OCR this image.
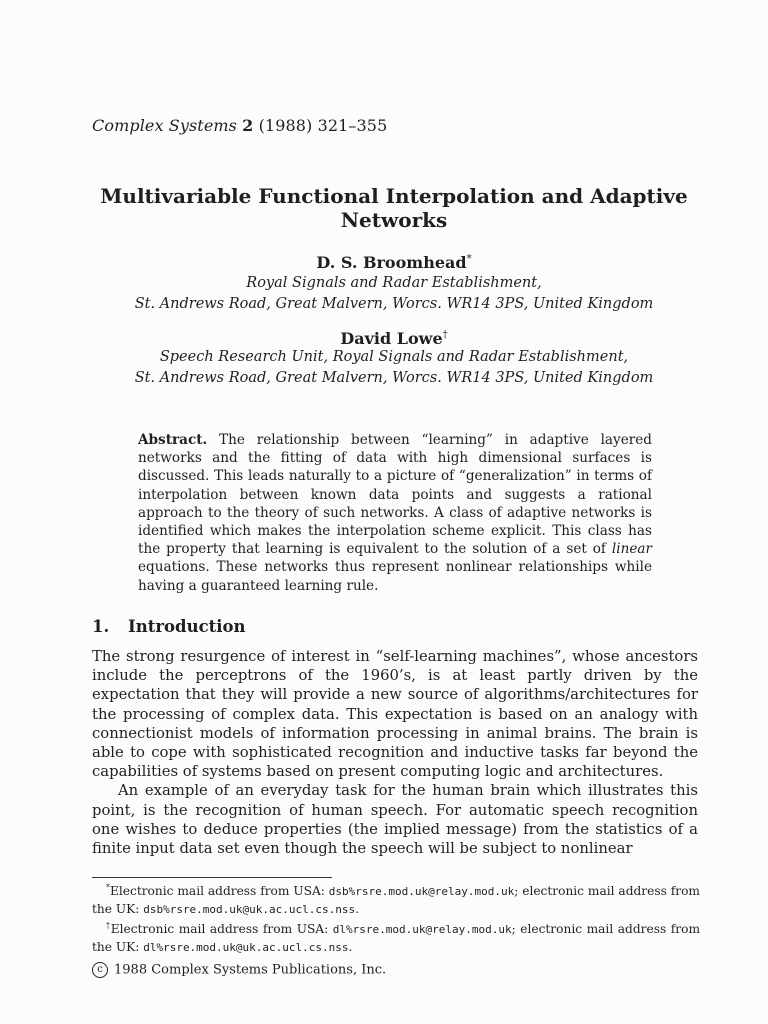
Complex Systems 2 (1988) 321–355
Multivariable Functional Interpolation and Adaptive
Networks
D. S. Broomhead*
Royal Signals and Radar Establishment,
St. Andrews Road, Great Malvern, Worcs. WR14 3PS, United Kingdom
David Lowe†
Speech Research Unit, Royal Signals and Radar Establishment,
St. Andrews Road, Great Malvern, Worcs. WR14 3PS, United Kingdom
Abstract. The relationship between “learning” in adaptive layered networks and the fitting of data with high dimensional surfaces is discussed. This leads naturally to a picture of “generalization” in terms of interpolation between known data points and suggests a rational approach to the theory of such networks. A class of adaptive networks is identified which makes the interpolation scheme explicit. This class has the property that learning is equivalent to the solution of a set of linear equations. These networks thus represent nonlinear relationships while having a guaranteed learning rule.
1. Introduction

The strong resurgence of interest in “self-learning machines”, whose ancestors include the perceptrons of the 1960’s, is at least partly driven by the expectation that they will provide a new source of algorithms/architectures for the processing of complex data. This expectation is based on an analogy with connectionist models of information processing in animal brains. The brain is able to cope with sophisticated recognition and inductive tasks far beyond the capabilities of systems based on present computing logic and architectures.

An example of an everyday task for the human brain which illustrates this point, is the recognition of human speech. For automatic speech recognition one wishes to deduce properties (the implied message) from the statistics of a finite input data set even though the speech will be subject to nonlinear

*Electronic mail address from USA: dsb%rsre.mod.uk@relay.mod.uk; electronic mail address from the UK: dsb%rsre.mod.uk@uk.ac.ucl.cs.nss.

†Electronic mail address from USA: dl%rsre.mod.uk@relay.mod.uk; electronic mail address from the UK: dl%rsre.mod.uk@uk.ac.ucl.cs.nss.

c 1988 Complex Systems Publications, Inc.
